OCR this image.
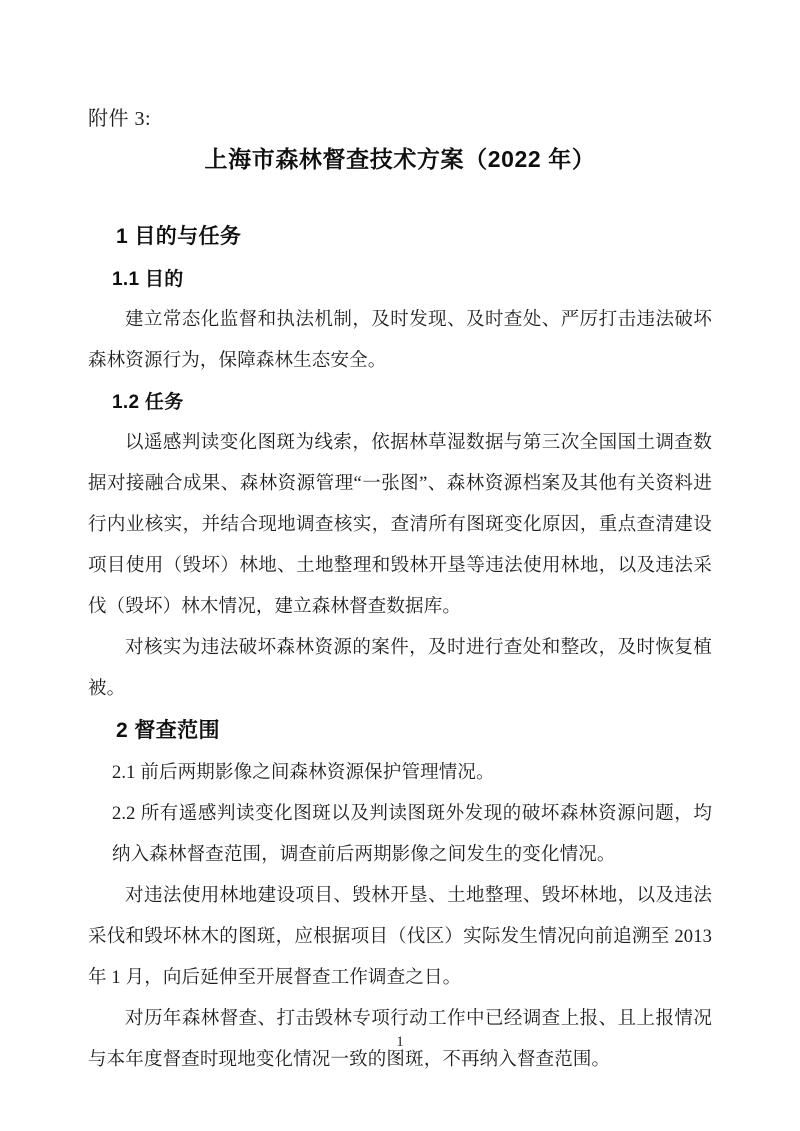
附件 3:
上海市森林督查技术方案（2022 年）
1 目的与任务
1.1 目的

建立常态化监督和执法机制，及时发现、及时查处、严厉打击违法破坏森林资源行为，保障森林生态安全。

1.2 任务

以遥感判读变化图斑为线索，依据林草湿数据与第三次全国国土调查数据对接融合成果、森林资源管理“一张图”、森林资源档案及其他有关资料进行内业核实，并结合现地调查核实，查清所有图斑变化原因，重点查清建设项目使用（毁坏）林地、土地整理和毁林开垦等违法使用林地，以及违法采伐（毁坏）林木情况，建立森林督查数据库。

对核实为违法破坏森林资源的案件，及时进行查处和整改，及时恢复植被。

2 督查范围

2.1 前后两期影像之间森林资源保护管理情况。

2.2 所有遥感判读变化图斑以及判读图斑外发现的破坏森林资源问题，均纳入森林督查范围，调查前后两期影像之间发生的变化情况。

对违法使用林地建设项目、毁林开垦、土地整理、毁坏林地，以及违法采伐和毁坏林木的图斑，应根据项目（伐区）实际发生情况向前追溯至 2013 年 1 月，向后延伸至开展督查工作调查之日。

对历年森林督查、打击毁林专项行动工作中已经调查上报、且上报情况与本年度督查时现地变化情况一致的图斑，不再纳入督查范围。

1
